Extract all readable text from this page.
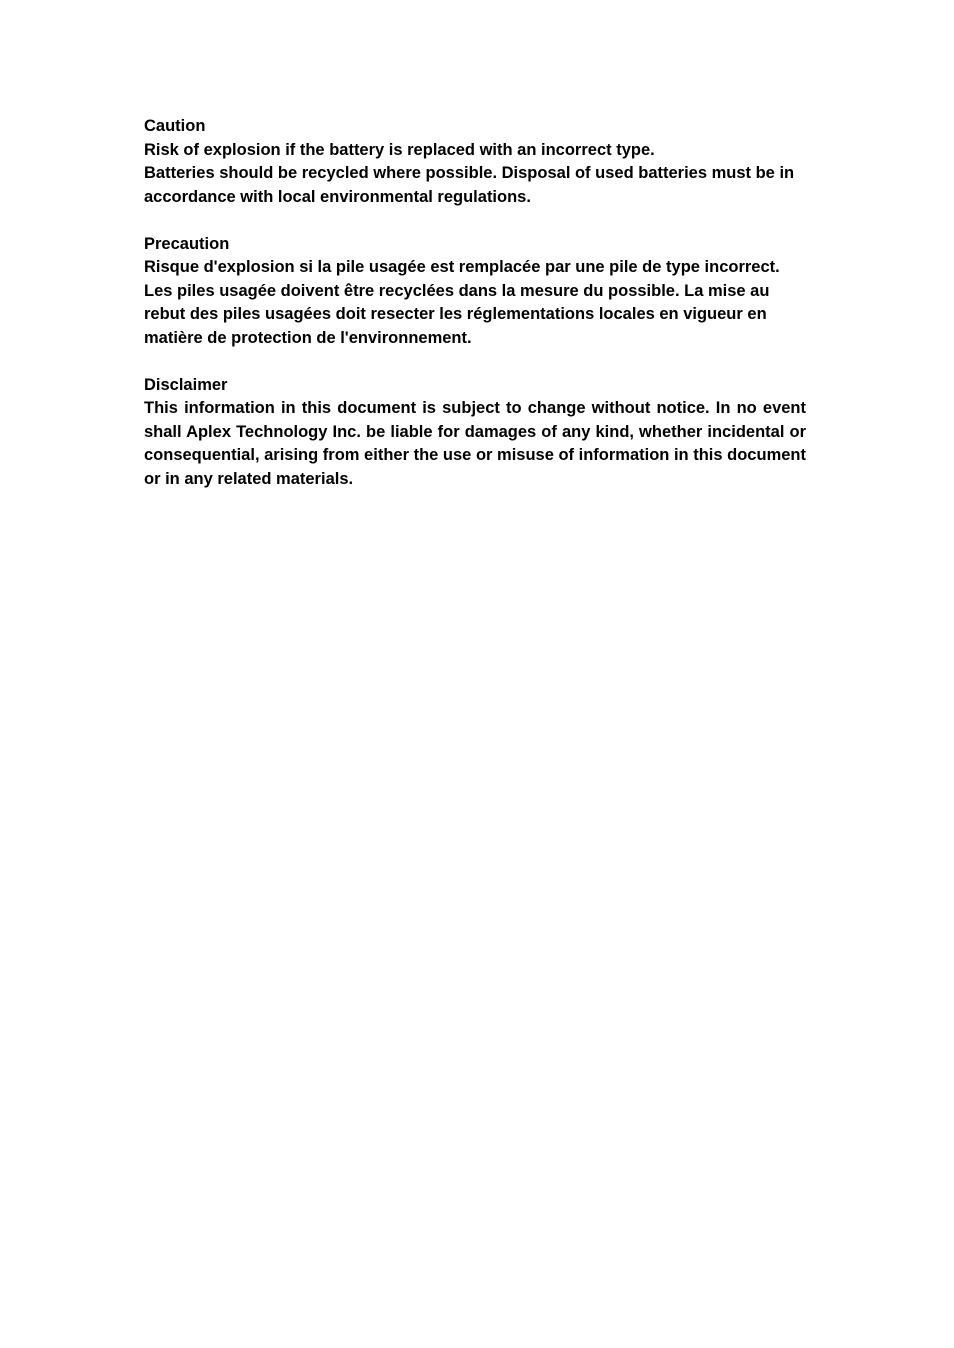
Caution
Risk of explosion if the battery is replaced with an incorrect type.
Batteries should be recycled where possible. Disposal of used batteries must be in
accordance with local environmental regulations.
Precaution
Risque d'explosion si la pile usagée est remplacée par une pile de type incorrect.
Les piles usagée doivent être recyclées dans la mesure du possible. La mise au
rebut des piles usagées doit resecter les réglementations locales en vigueur en
matière de protection de l'environnement.
Disclaimer
This information in this document is subject to change without notice. In no event shall Aplex Technology Inc. be liable for damages of any kind, whether incidental or consequential, arising from either the use or misuse of information in this document or in any related materials.
